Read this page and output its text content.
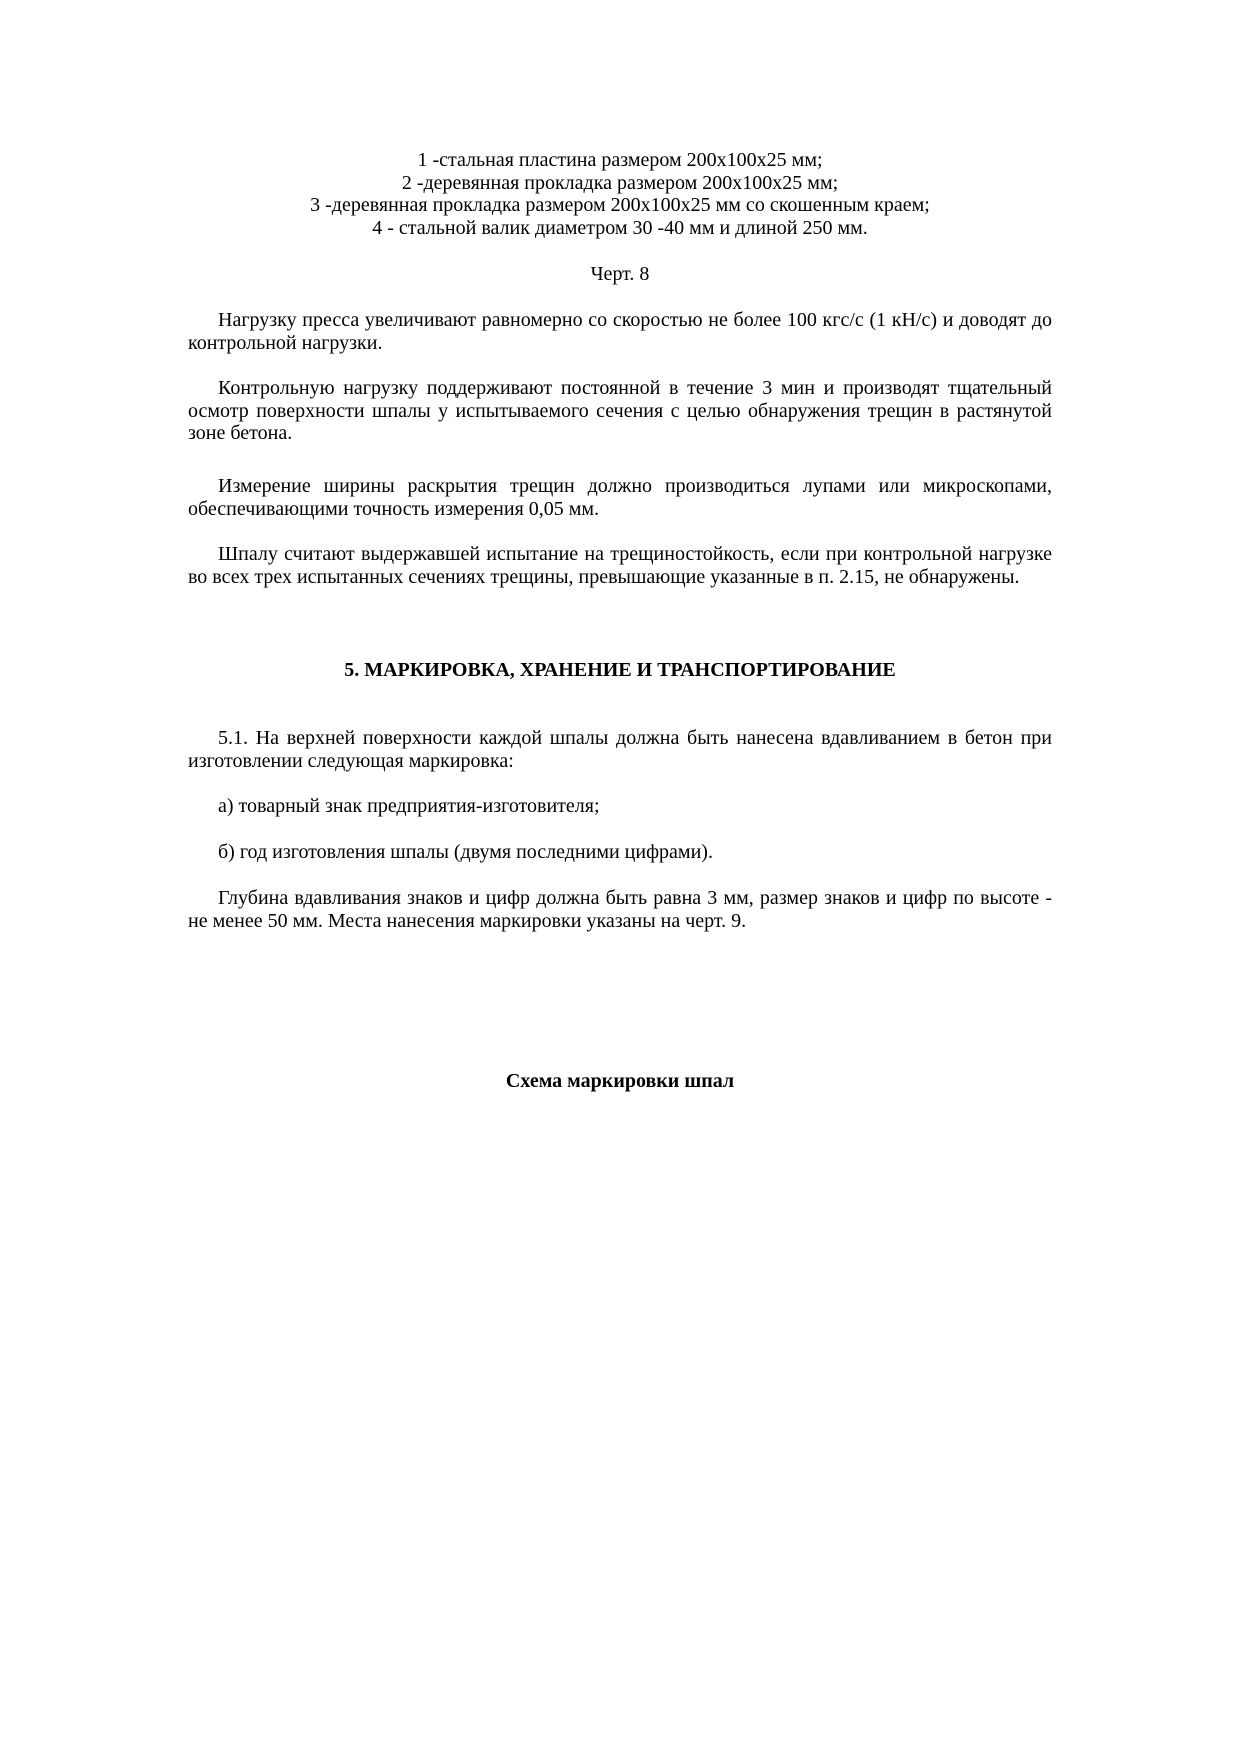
1 -стальная пластина размером 200х100х25 мм;
2 -деревянная прокладка размером 200х100х25 мм;
3 -деревянная прокладка размером 200х100х25 мм со скошенным краем;
4 - стальной валик диаметром 30 -40 мм и длиной 250 мм.
Черт. 8
Нагрузку пресса увеличивают равномерно со скоростью не более 100 кгс/с (1 кН/с) и доводят до контрольной нагрузки.
Контрольную нагрузку поддерживают постоянной в течение 3 мин и производят тщательный осмотр поверхности шпалы у испытываемого сечения с целью обнаружения трещин в растянутой зоне бетона.
Измерение ширины раскрытия трещин должно производиться лупами или микроскопами, обеспечивающими точность измерения 0,05 мм.
Шпалу считают выдержавшей испытание на трещиностойкость, если при контрольной нагрузке во всех трех испытанных сечениях трещины, превышающие указанные в п. 2.15, не обнаружены.
5. МАРКИРОВКА, ХРАНЕНИЕ И ТРАНСПОРТИРОВАНИЕ
5.1. На верхней поверхности каждой шпалы должна быть нанесена вдавливанием в бетон при изготовлении следующая маркировка:
а) товарный знак предприятия-изготовителя;
б) год изготовления шпалы (двумя последними цифрами).
Глубина вдавливания знаков и цифр должна быть равна 3 мм, размер знаков и цифр по высоте - не менее 50 мм. Места нанесения маркировки указаны на черт. 9.
Схема маркировки шпал
